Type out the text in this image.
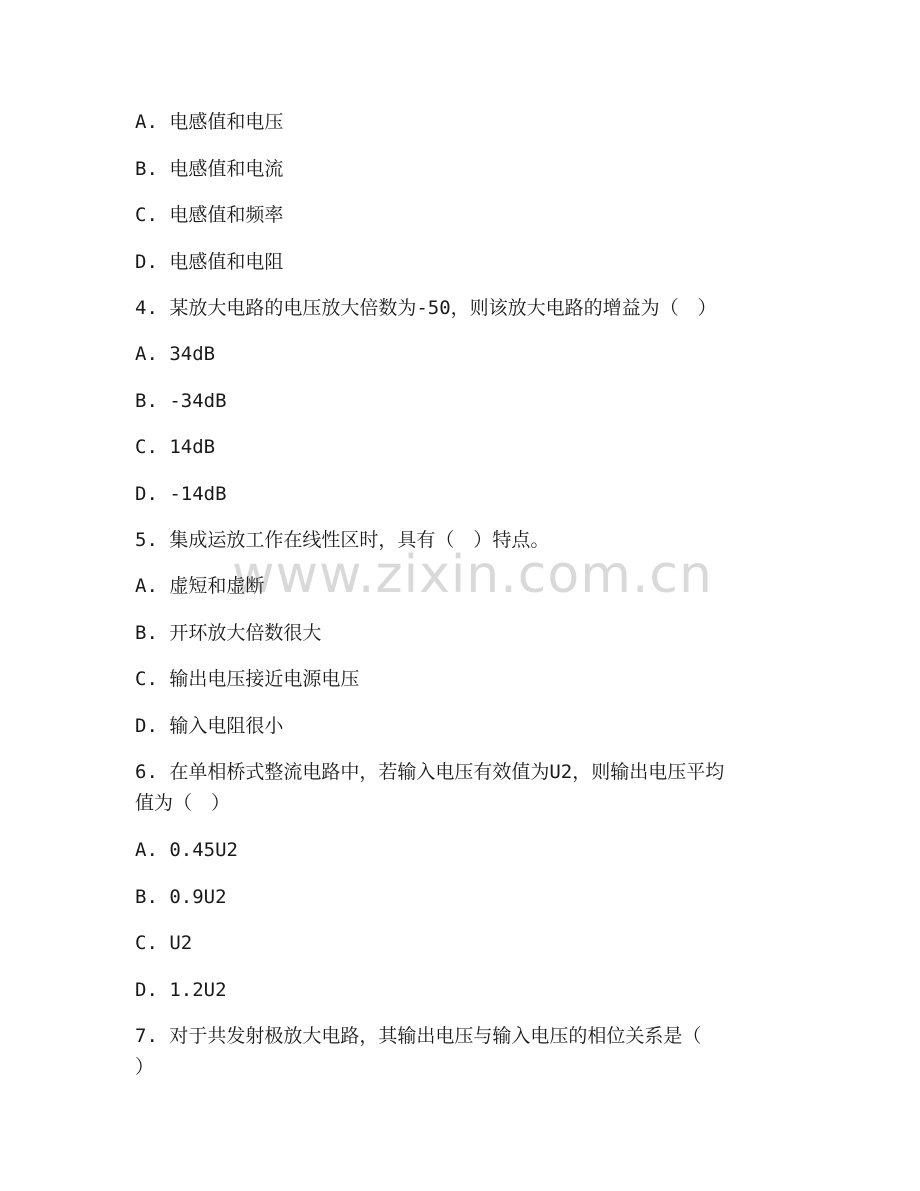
www.zixin.com.cn
A. 电感值和电压
B. 电感值和电流
C. 电感值和频率
D. 电感值和电阻
4. 某放大电路的电压放大倍数为-50，则该放大电路的增益为（　）
A. 34dB
B. -34dB
C. 14dB
D. -14dB
5. 集成运放工作在线性区时，具有（　）特点。
A. 虚短和虚断
B. 开环放大倍数很大
C. 输出电压接近电源电压
D. 输入电阻很小
6. 在单相桥式整流电路中，若输入电压有效值为U2，则输出电压平均
值为（　）
A. 0.45U2
B. 0.9U2
C. U2
D. 1.2U2
7. 对于共发射极放大电路，其输出电压与输入电压的相位关系是（
）
